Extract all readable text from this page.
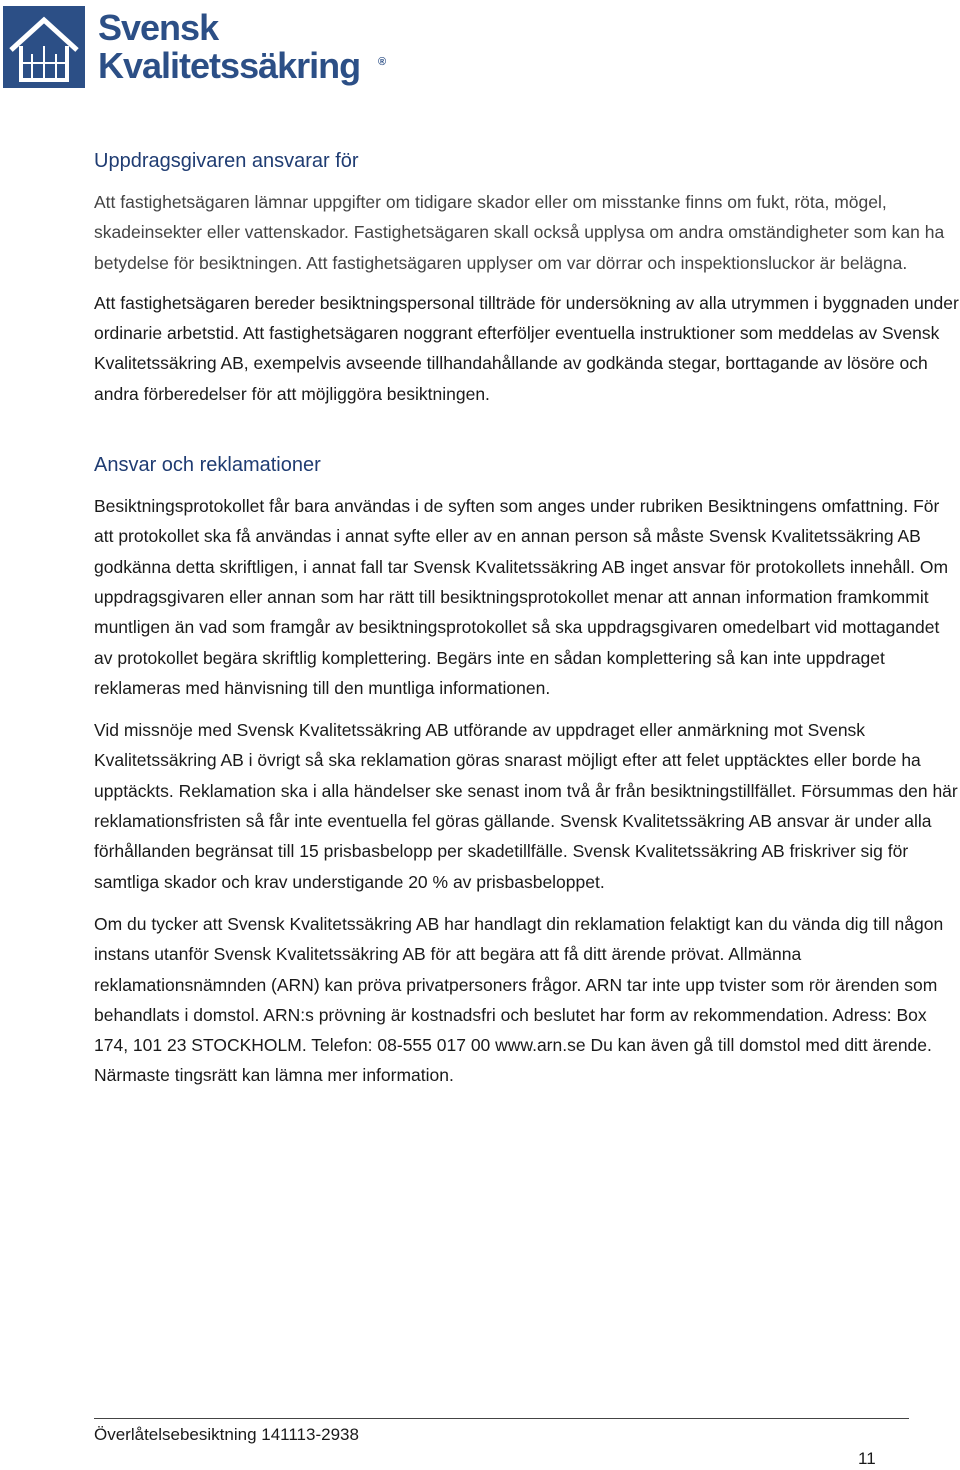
Svensk
Kvalitetssäkring ®
Uppdragsgivaren ansvarar för

Att fastighetsägaren lämnar uppgifter om tidigare skador eller om misstanke finns om fukt, röta, mögel, skadeinsekter eller vattenskador. Fastighetsägaren skall också upplysa om andra omständigheter som kan ha betydelse för besiktningen. Att fastighetsägaren upplyser om var dörrar och inspektionsluckor är belägna.

Att fastighetsägaren bereder besiktningspersonal tillträde för undersökning av alla utrymmen i byggnaden under ordinarie arbetstid. Att fastighetsägaren noggrant efterföljer eventuella instruktioner som meddelas av Svensk Kvalitetssäkring AB, exempelvis avseende tillhandahållande av godkända stegar, borttagande av lösöre och andra förberedelser för att möjliggöra besiktningen.

Ansvar och reklamationer

Besiktningsprotokollet får bara användas i de syften som anges under rubriken Besiktningens omfattning. För att protokollet ska få användas i annat syfte eller av en annan person så måste Svensk Kvalitetssäkring AB godkänna detta skriftligen, i annat fall tar Svensk Kvalitetssäkring AB inget ansvar för protokollets innehåll. Om uppdragsgivaren eller annan som har rätt till besiktningsprotokollet menar att annan information framkommit muntligen än vad som framgår av besiktningsprotokollet så ska uppdragsgivaren omedelbart vid mottagandet av protokollet begära skriftlig komplettering. Begärs inte en sådan komplettering så kan inte uppdraget reklameras med hänvisning till den muntliga informationen.

Vid missnöje med Svensk Kvalitetssäkring AB utförande av uppdraget eller anmärkning mot Svensk Kvalitetssäkring AB i övrigt så ska reklamation göras snarast möjligt efter att felet upptäcktes eller borde ha upptäckts. Reklamation ska i alla händelser ske senast inom två år från besiktningstillfället. Försummas den här reklamationsfristen så får inte eventuella fel göras gällande. Svensk Kvalitetssäkring AB ansvar är under alla förhållanden begränsat till 15 prisbasbelopp per skadetillfälle. Svensk Kvalitetssäkring AB friskriver sig för samtliga skador och krav understigande 20 % av prisbasbeloppet.

Om du tycker att Svensk Kvalitetssäkring AB har handlagt din reklamation felaktigt kan du vända dig till någon instans utanför Svensk Kvalitetssäkring AB för att begära att få ditt ärende prövat. Allmänna reklamationsnämnden (ARN) kan pröva privatpersoners frågor. ARN tar inte upp tvister som rör ärenden som behandlats i domstol. ARN:s prövning är kostnadsfri och beslutet har form av rekommendation. Adress: Box 174, 101 23 STOCKHOLM. Telefon: 08-555 017 00 www.arn.se Du kan även gå till domstol med ditt ärende. Närmaste tingsrätt kan lämna mer information.

Överlåtelsebesiktning 141113-2938
11
